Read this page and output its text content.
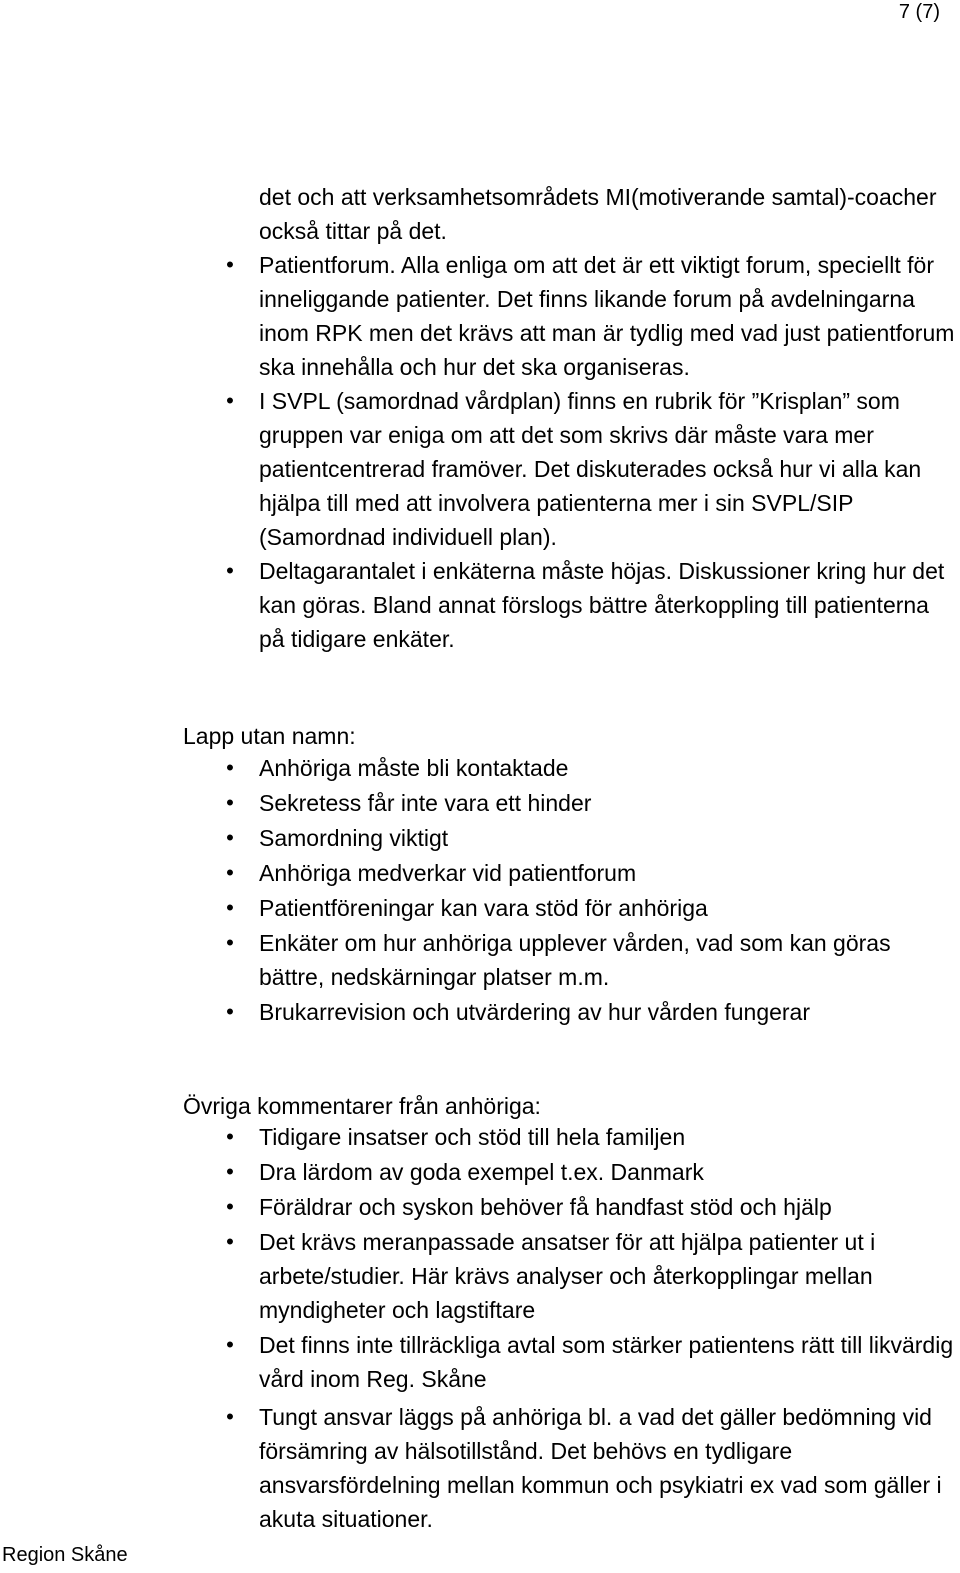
7 (7)
det och att verksamhetsområdets MI(motiverande samtal)-coacher också tittar på det.
• Patientforum. Alla enliga om att det är ett viktigt forum, speciellt för inneliggande patienter. Det finns likande forum på avdelningarna inom RPK men det krävs att man är tydlig med vad just patientforum ska innehålla och hur det ska organiseras.
• I SVPL (samordnad vårdplan) finns en rubrik för ”Krisplan” som gruppen var eniga om att det som skrivs där måste vara mer patientcentrerad framöver. Det diskuterades också hur vi alla kan hjälpa till med att involvera patienterna mer i sin SVPL/SIP (Samordnad individuell plan).
• Deltagarantalet i enkäterna måste höjas. Diskussioner kring hur det kan göras. Bland annat förslogs bättre återkoppling till patienterna på tidigare enkäter.
Lapp utan namn:
• Anhöriga måste bli kontaktade
• Sekretess får inte vara ett hinder
• Samordning viktigt
• Anhöriga medverkar vid patientforum
• Patientföreningar kan vara stöd för anhöriga
• Enkäter om hur anhöriga upplever vården, vad som kan göras bättre, nedskärningar platser m.m.
• Brukarrevision och utvärdering av hur vården fungerar
Övriga kommentarer från anhöriga:
• Tidigare insatser och stöd till hela familjen
• Dra lärdom av goda exempel t.ex. Danmark
• Föräldrar och syskon behöver få handfast stöd och hjälp
• Det krävs meranpassade ansatser för att hjälpa patienter ut i arbete/studier. Här krävs analyser och återkopplingar mellan myndigheter och lagstiftare
• Det finns inte tillräckliga avtal som stärker patientens rätt till likvärdig vård inom Reg. Skåne
• Tungt ansvar läggs på anhöriga bl. a vad det gäller bedömning vid försämring av hälsotillstånd. Det behövs en tydligare ansvarsfördelning mellan kommun och psykiatri ex vad som gäller i akuta situationer.
Region Skåne
